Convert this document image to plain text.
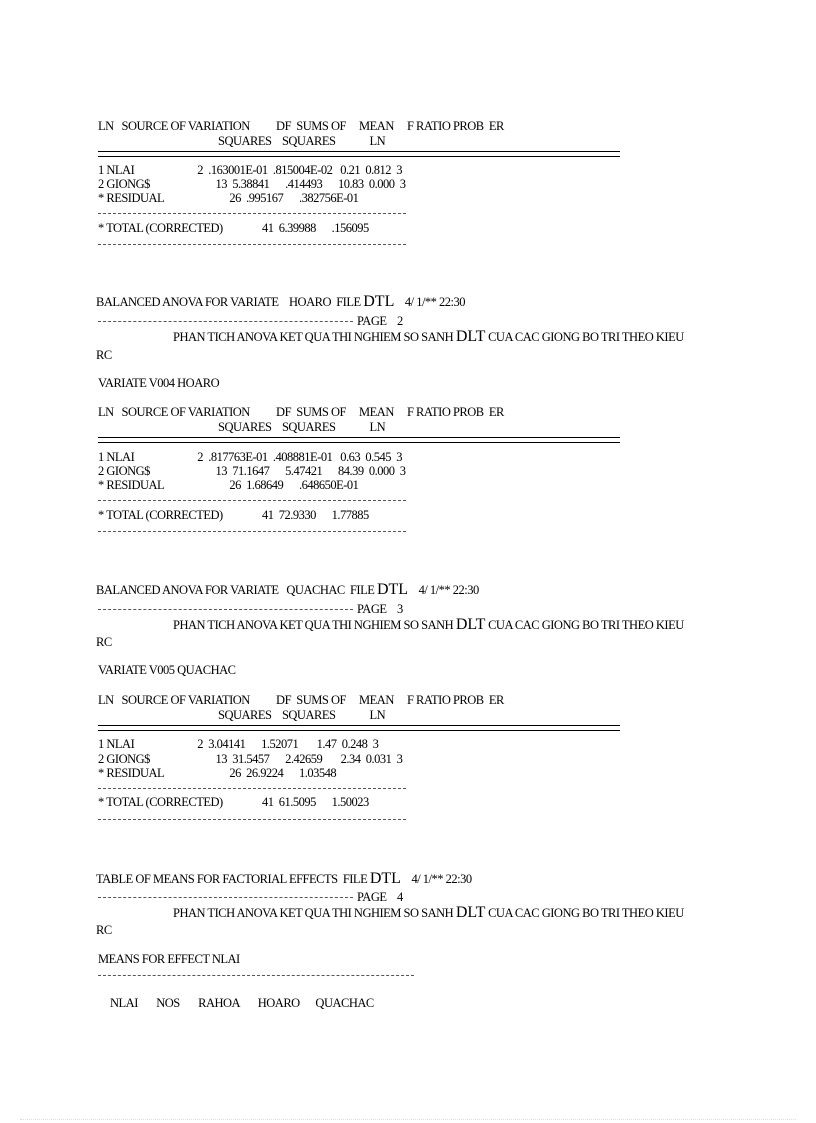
LN   SOURCE OF VARIATION          DF  SUMS OF     MEAN     F RATIO PROB  ER
SQUARES    SQUARES             LN
1 NLAI                        2  .163001E-01  .815004E-02   0.21  0.812  3
2 GIONG$                         13  5.38841      .414493      10.83  0.000  3
* RESIDUAL                         26  .995167      .382756E-01
* TOTAL (CORRECTED)               41  6.39988      .156095
BALANCED ANOVA FOR VARIATE    HOARO  FILE DTL 4/ 1/** 22:30
PAGE    2
PHAN TICH ANOVA KET QUA THI NGHIEM SO SANH DLT CUA CAC GIONG BO TRI THEO KIEU
RC
VARIATE V004 HOARO
LN   SOURCE OF VARIATION          DF  SUMS OF     MEAN     F RATIO PROB  ER
SQUARES    SQUARES             LN
1 NLAI                        2  .817763E-01  .408881E-01   0.63  0.545  3
2 GIONG$                         13  71.1647      5.47421      84.39  0.000  3
* RESIDUAL                         26  1.68649      .648650E-01
* TOTAL (CORRECTED)               41  72.9330      1.77885
BALANCED ANOVA FOR VARIATE   QUACHAC  FILE DTL 4/ 1/** 22:30
PAGE    3
PHAN TICH ANOVA KET QUA THI NGHIEM SO SANH DLT CUA CAC GIONG BO TRI THEO KIEU
RC
VARIATE V005 QUACHAC
LN   SOURCE OF VARIATION          DF  SUMS OF     MEAN     F RATIO PROB  ER
SQUARES    SQUARES             LN
1 NLAI                        2  3.04141      1.52071       1.47  0.248  3
2 GIONG$                         13  31.5457      2.42659       2.34  0.031  3
* RESIDUAL                         26  26.9224      1.03548
* TOTAL (CORRECTED)               41  61.5095      1.50023
TABLE OF MEANS FOR FACTORIAL EFFECTS  FILE DTL 4/ 1/** 22:30
PAGE    4
PHAN TICH ANOVA KET QUA THI NGHIEM SO SANH DLT CUA CAC GIONG BO TRI THEO KIEU
RC
MEANS FOR EFFECT NLAI
NLAI       NOS       RAHOA       HOARO      QUACHAC
